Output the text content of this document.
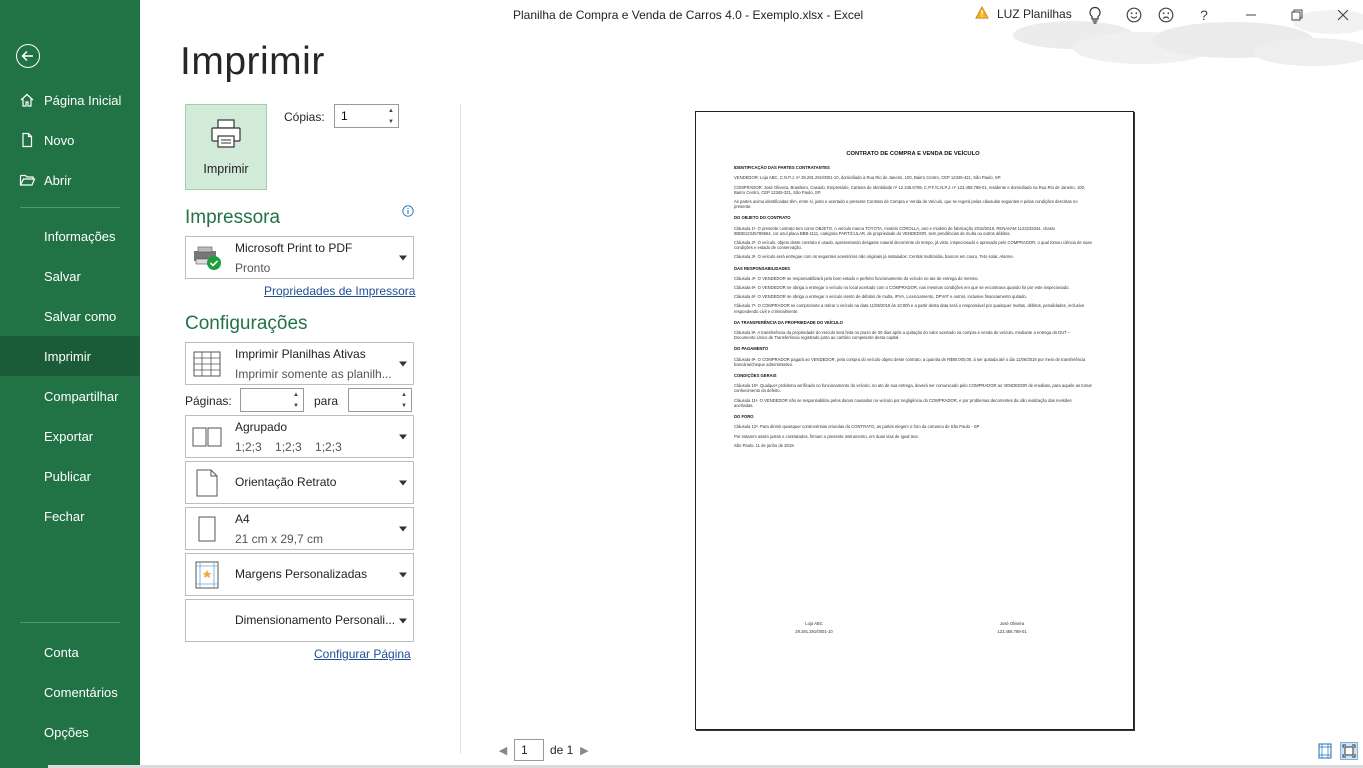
Página Inicial
Novo
Abrir
Informações
Salvar
Salvar como
Imprimir
Compartilhar
Exportar
Publicar
Fechar
Conta
Comentários
Opções
Planilha de Compra e Venda de Carros 4.0 - Exemplo.xlsx - Excel	LUZ Planilhas	?
Imprimir
Imprimir
Cópias:
1	▲
▼
Impressora
Microsoft Print to PDF
Pronto
Propriedades de Impressora
Configurações
Imprimir Planilhas Ativas
Imprimir somente as planilh...
Páginas:	▲
▼	para	▲
▼
Agrupado
1;2;3    1;2;3    1;2;3
Orientação Retrato
A4
21 cm x 29,7 cm
Margens Personalizadas
Dimensionamento Personali...
Configurar Página
CONTRATO DE COMPRA E VENDA DE VEÍCULO
IDENTIFICAÇÃO DAS PARTES CONTRATANTES
VENDEDOR: Loja ABC, C.N.P.J. nº 29.291.291/0001-10, domiciliado à Rua Rio de Janeiro, 100, Bairro Centro, CEP 12345-421, São Paulo, SP.
COMPRADOR: José Oliveira, Brasileiro, Casado, Empresário, Carteira de Identidade nº 12.345.6789, C.P.F./C.N.P.J. nº 123.456.789-01, residente e domiciliado na Rua Rio de Janeiro, 100, Bairro Centro, CEP 12345-321, São Paulo, SP.
As partes acima identificadas têm, entre si, justo e acertado o presente Contrato de Compra e Venda de Veículo, que se regerá pelas cláusulas seguintes e pelas condições descritas no presente.
DO OBJETO DO CONTRATO
Cláusula 1ª. O presente contrato tem como OBJETO, o veículo marca TOYOTA, modelo COROLLA, ano e modelo de fabricação 2018/2019, RENAVAM 1122233344, chassi 9BDB12345789654, cor azul,placa BBB-1111, categoria PARTICULAR, de propriedade do VENDEDOR, sem pendências de multa ou outros débitos.
Cláusula 2ª. O veículo, objeto deste contrato é usado, apresentando desgaste natural decorrente do tempo, já visto, inspecionado e aprovado pelo COMPRADOR, o qual tomou ciência de suas condições e estado de conservação.
Cláusula 3ª. O veículo será entregue com os seguintes acessórios não originais já instalados: Central multimídia, bancos em couro, Teto solar, Alarme.
DAS RESPONSABILIDADES
Cláusula 4ª. O VENDEDOR se responsabilizará pelo bom estado e perfeito funcionamento do veículo no ato de entrega do mesmo.
Cláusula 5ª. O VENDEDOR se obriga a entregar o veículo no local acertado com o COMPRADOR, nas mesmas condições em que se encontrava quando foi por este inspecionado.
Cláusula 6ª. O VENDEDOR se obriga a entregar o veículo isento de débitos de multa, IPVA, Licenciamento, DPVAT e outros, inclusive financiamento quitado.
Cláusula 7ª. O COMPRADOR se compromete a retirar o veículo na data 11/06/2019 às 10:00h e a partir desta data será o responsável por quaisquer multas, débitos, penalidades, inclusive respondendo civil e criminalmente.
DA TRANSFERÊNCIA DA PROPRIEDADE DO VEÍCULO
Cláusula 8ª. A transferência da propriedade do veículo será feita no prazo de 30 dias após a quitação do valor acertado na compra e venda do veículo, mediante a entrega do DUT – Documento Único de Transferência registrado junto ao cartório competente desta capital.
DO PAGAMENTO
Cláusula 9ª. O COMPRADOR pagará ao VENDEDOR, pela compra do veículo objeto deste contrato, a quantia de R$90.000,00, à ser quitada até o dia 11/06/2019 por meio de transferência bancária/cheque administrativo.
CONDIÇÕES GERAIS
Cláusula 10ª. Qualquer problema verificado no funcionamento do veículo, no ato de sua entrega, deverá ser comunicado pelo COMPRADOR ao VENDEDOR de imediato, para aquele as tomar conhecimento do defeito.
Cláusula 11ª. O VENDEDOR não se responsabiliza pelos danos causados no veículo por negligência do COMPRADOR, e por problemas decorrentes da não realização das revisões acertadas.
DO FORO
Cláusula 12ª. Para dirimir quaisquer controvérsias oriundas do CONTRATO, as partes elegem o foro da comarca de São Paulo - SP
Por estarem assim justos e contratados, firmam o presente instrumento, em duas vias de igual teor.
São Paulo, 11 de junho de 2019.
Loja ABC
29.291.291/0001-10
José Oliveira
123.456.789-01
◀	1	de 1 ▶
